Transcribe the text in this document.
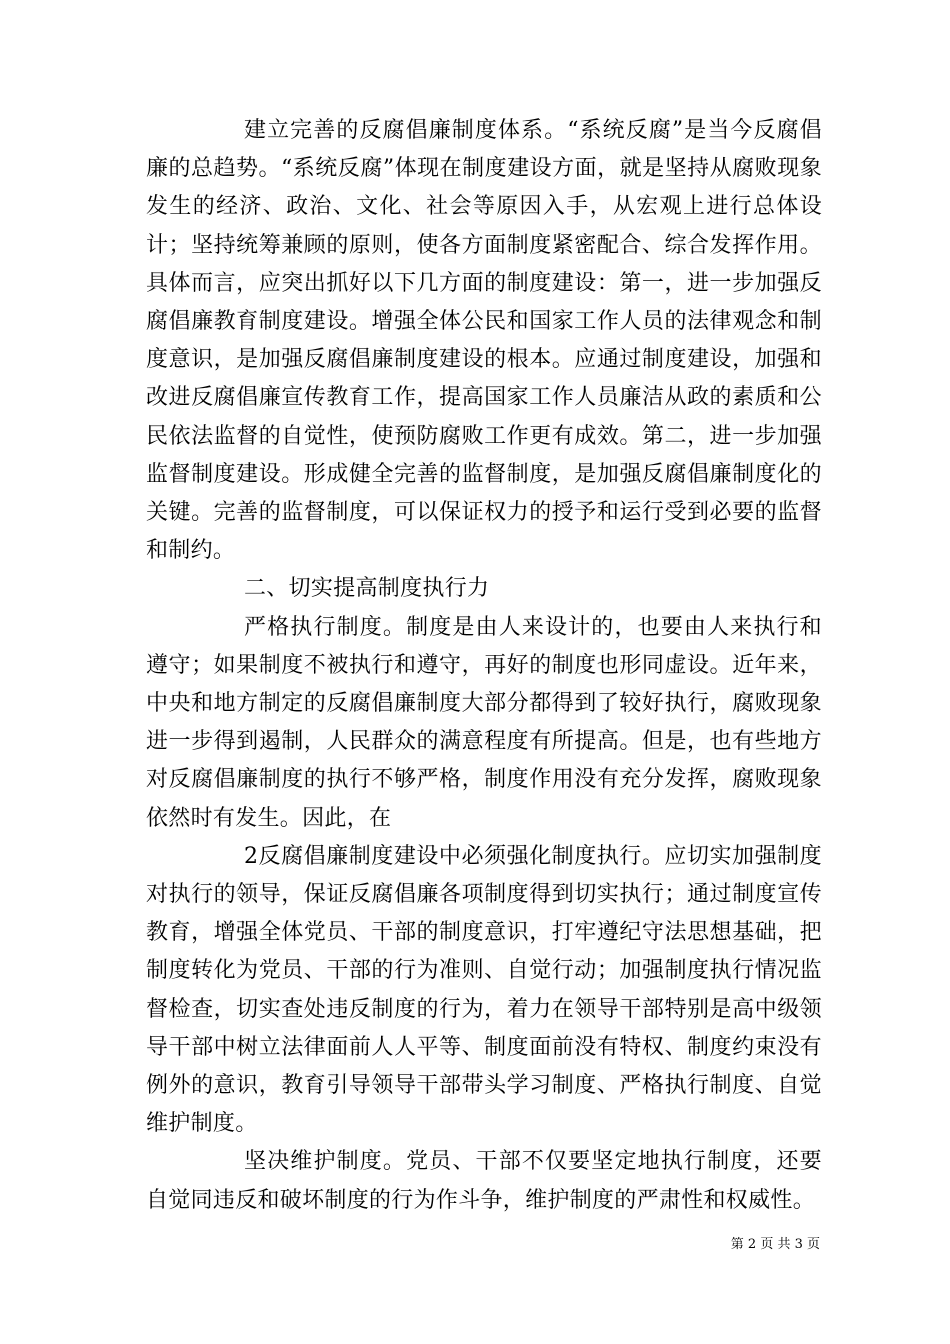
建立完善的反腐倡廉制度体系。“系统反腐”是当今反腐倡廉的总趋势。“系统反腐”体现在制度建设方面，就是坚持从腐败现象发生的经济、政治、文化、社会等原因入手，从宏观上进行总体设计；坚持统筹兼顾的原则，使各方面制度紧密配合、综合发挥作用。具体而言，应突出抓好以下几方面的制度建设：第一，进一步加强反腐倡廉教育制度建设。增强全体公民和国家工作人员的法律观念和制度意识，是加强反腐倡廉制度建设的根本。应通过制度建设，加强和改进反腐倡廉宣传教育工作，提高国家工作人员廉洁从政的素质和公民依法监督的自觉性，使预防腐败工作更有成效。第二，进一步加强监督制度建设。形成健全完善的监督制度，是加强反腐倡廉制度化的关键。完善的监督制度，可以保证权力的授予和运行受到必要的监督和制约。

二、切实提高制度执行力

严格执行制度。制度是由人来设计的，也要由人来执行和遵守；如果制度不被执行和遵守，再好的制度也形同虚设。近年来，中央和地方制定的反腐倡廉制度大部分都得到了较好执行，腐败现象进一步得到遏制，人民群众的满意程度有所提高。但是，也有些地方对反腐倡廉制度的执行不够严格，制度作用没有充分发挥，腐败现象依然时有发生。因此，在

2反腐倡廉制度建设中必须强化制度执行。应切实加强制度对执行的领导，保证反腐倡廉各项制度得到切实执行；通过制度宣传教育，增强全体党员、干部的制度意识，打牢遵纪守法思想基础，把制度转化为党员、干部的行为准则、自觉行动；加强制度执行情况监督检查，切实查处违反制度的行为，着力在领导干部特别是高中级领导干部中树立法律面前人人平等、制度面前没有特权、制度约束没有例外的意识，教育引导领导干部带头学习制度、严格执行制度、自觉维护制度。

坚决维护制度。党员、干部不仅要坚定地执行制度，还要自觉同违反和破坏制度的行为作斗争，维护制度的严肃性和权威性。

第 2 页 共 3 页
